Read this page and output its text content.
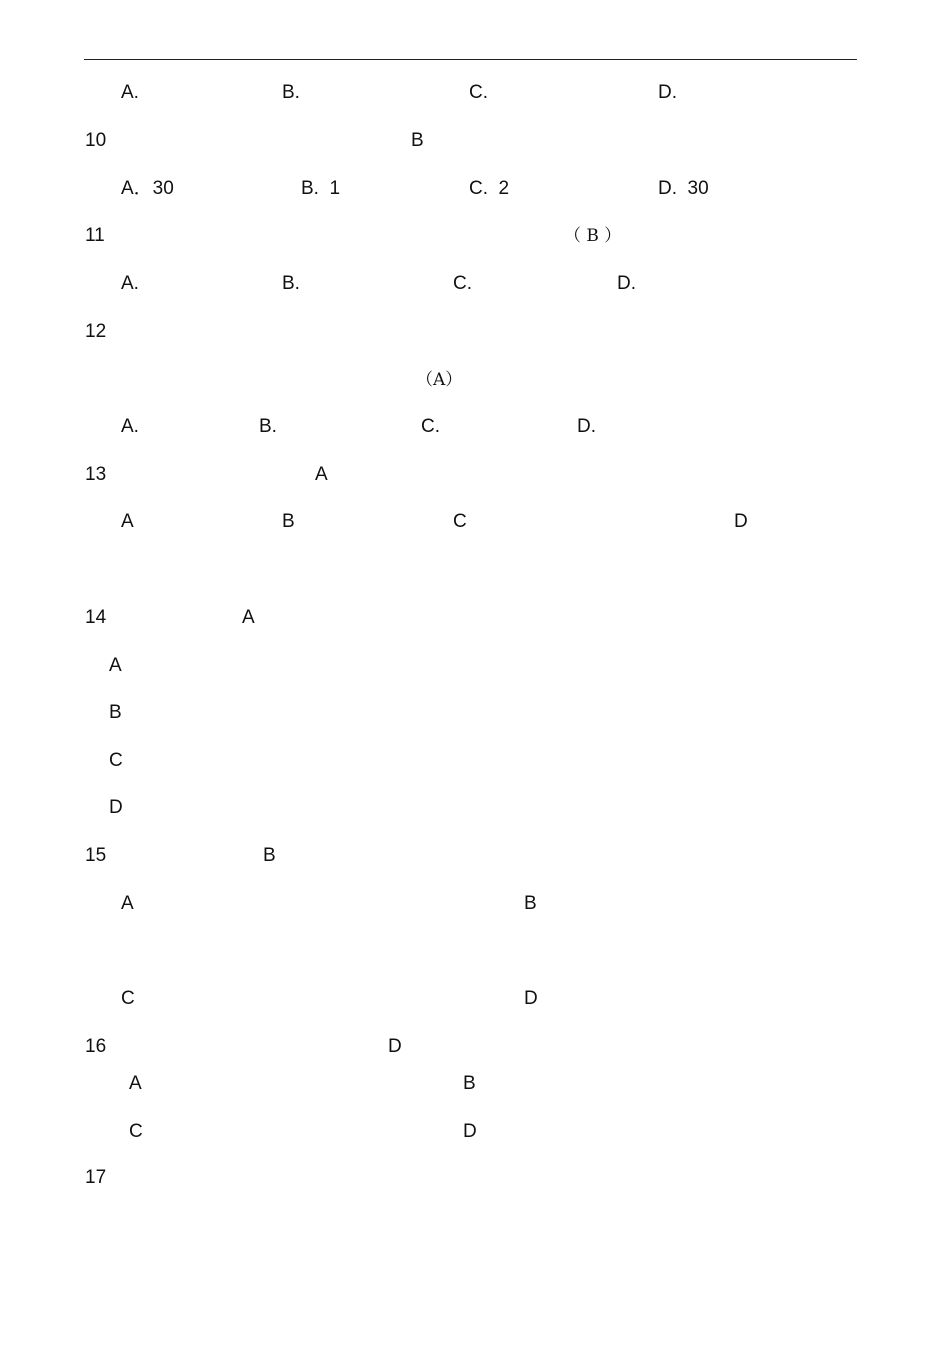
A.	B.	C.	D.
10	B
A．30	B.  1	C.  2	D.  30
11	（ B ）
A.	B.	C.	D.
12
（A）
A.	B.	C.	D.
13	A
A	B	C	D
14	A
A
B
C
D
15	B
A	B
C	D
16	D
A	B
C	D
17
